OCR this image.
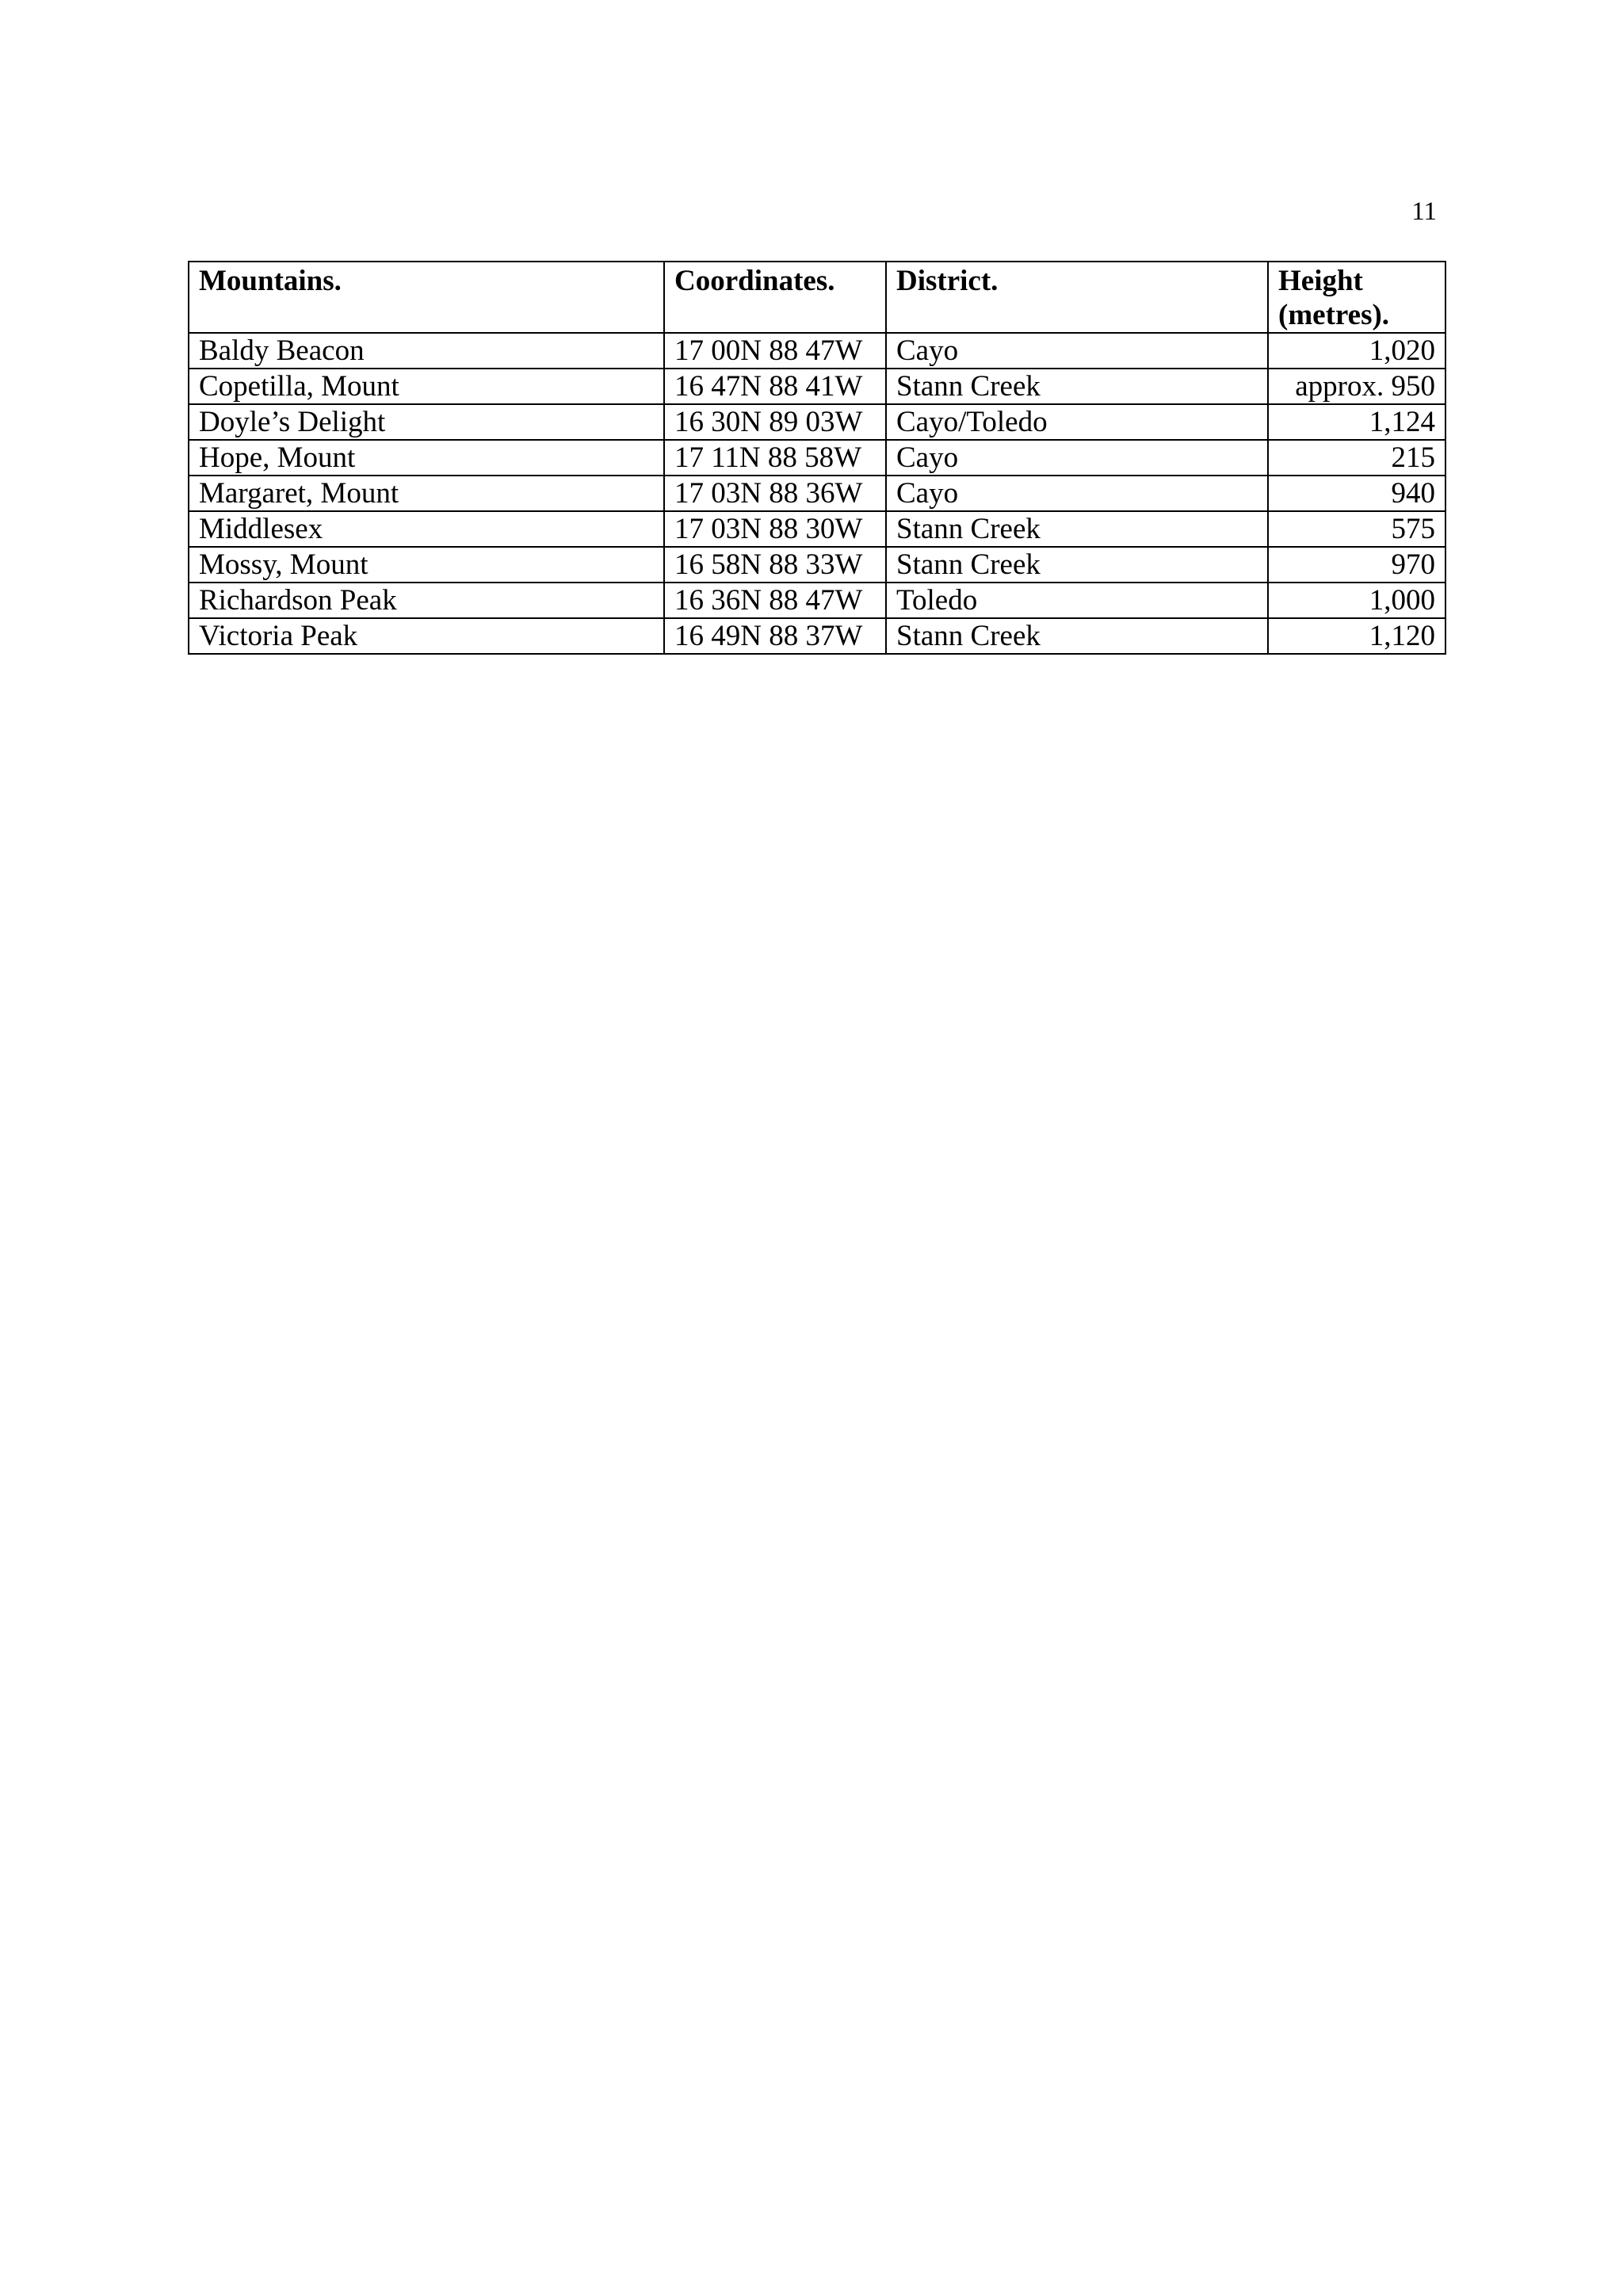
11
Mountains.	Coordinates.	District.	Height (metres).
Baldy Beacon	17 00N 88 47W	Cayo	1,020
Copetilla, Mount	16 47N 88 41W	Stann Creek	approx. 950
Doyle’s Delight	16 30N 89 03W	Cayo/Toledo	1,124
Hope, Mount	17 11N 88 58W	Cayo	215
Margaret, Mount	17 03N 88 36W	Cayo	940
Middlesex	17 03N 88 30W	Stann Creek	575
Mossy, Mount	16 58N 88 33W	Stann Creek	970
Richardson Peak	16 36N 88 47W	Toledo	1,000
Victoria Peak	16 49N 88 37W	Stann Creek	1,120
